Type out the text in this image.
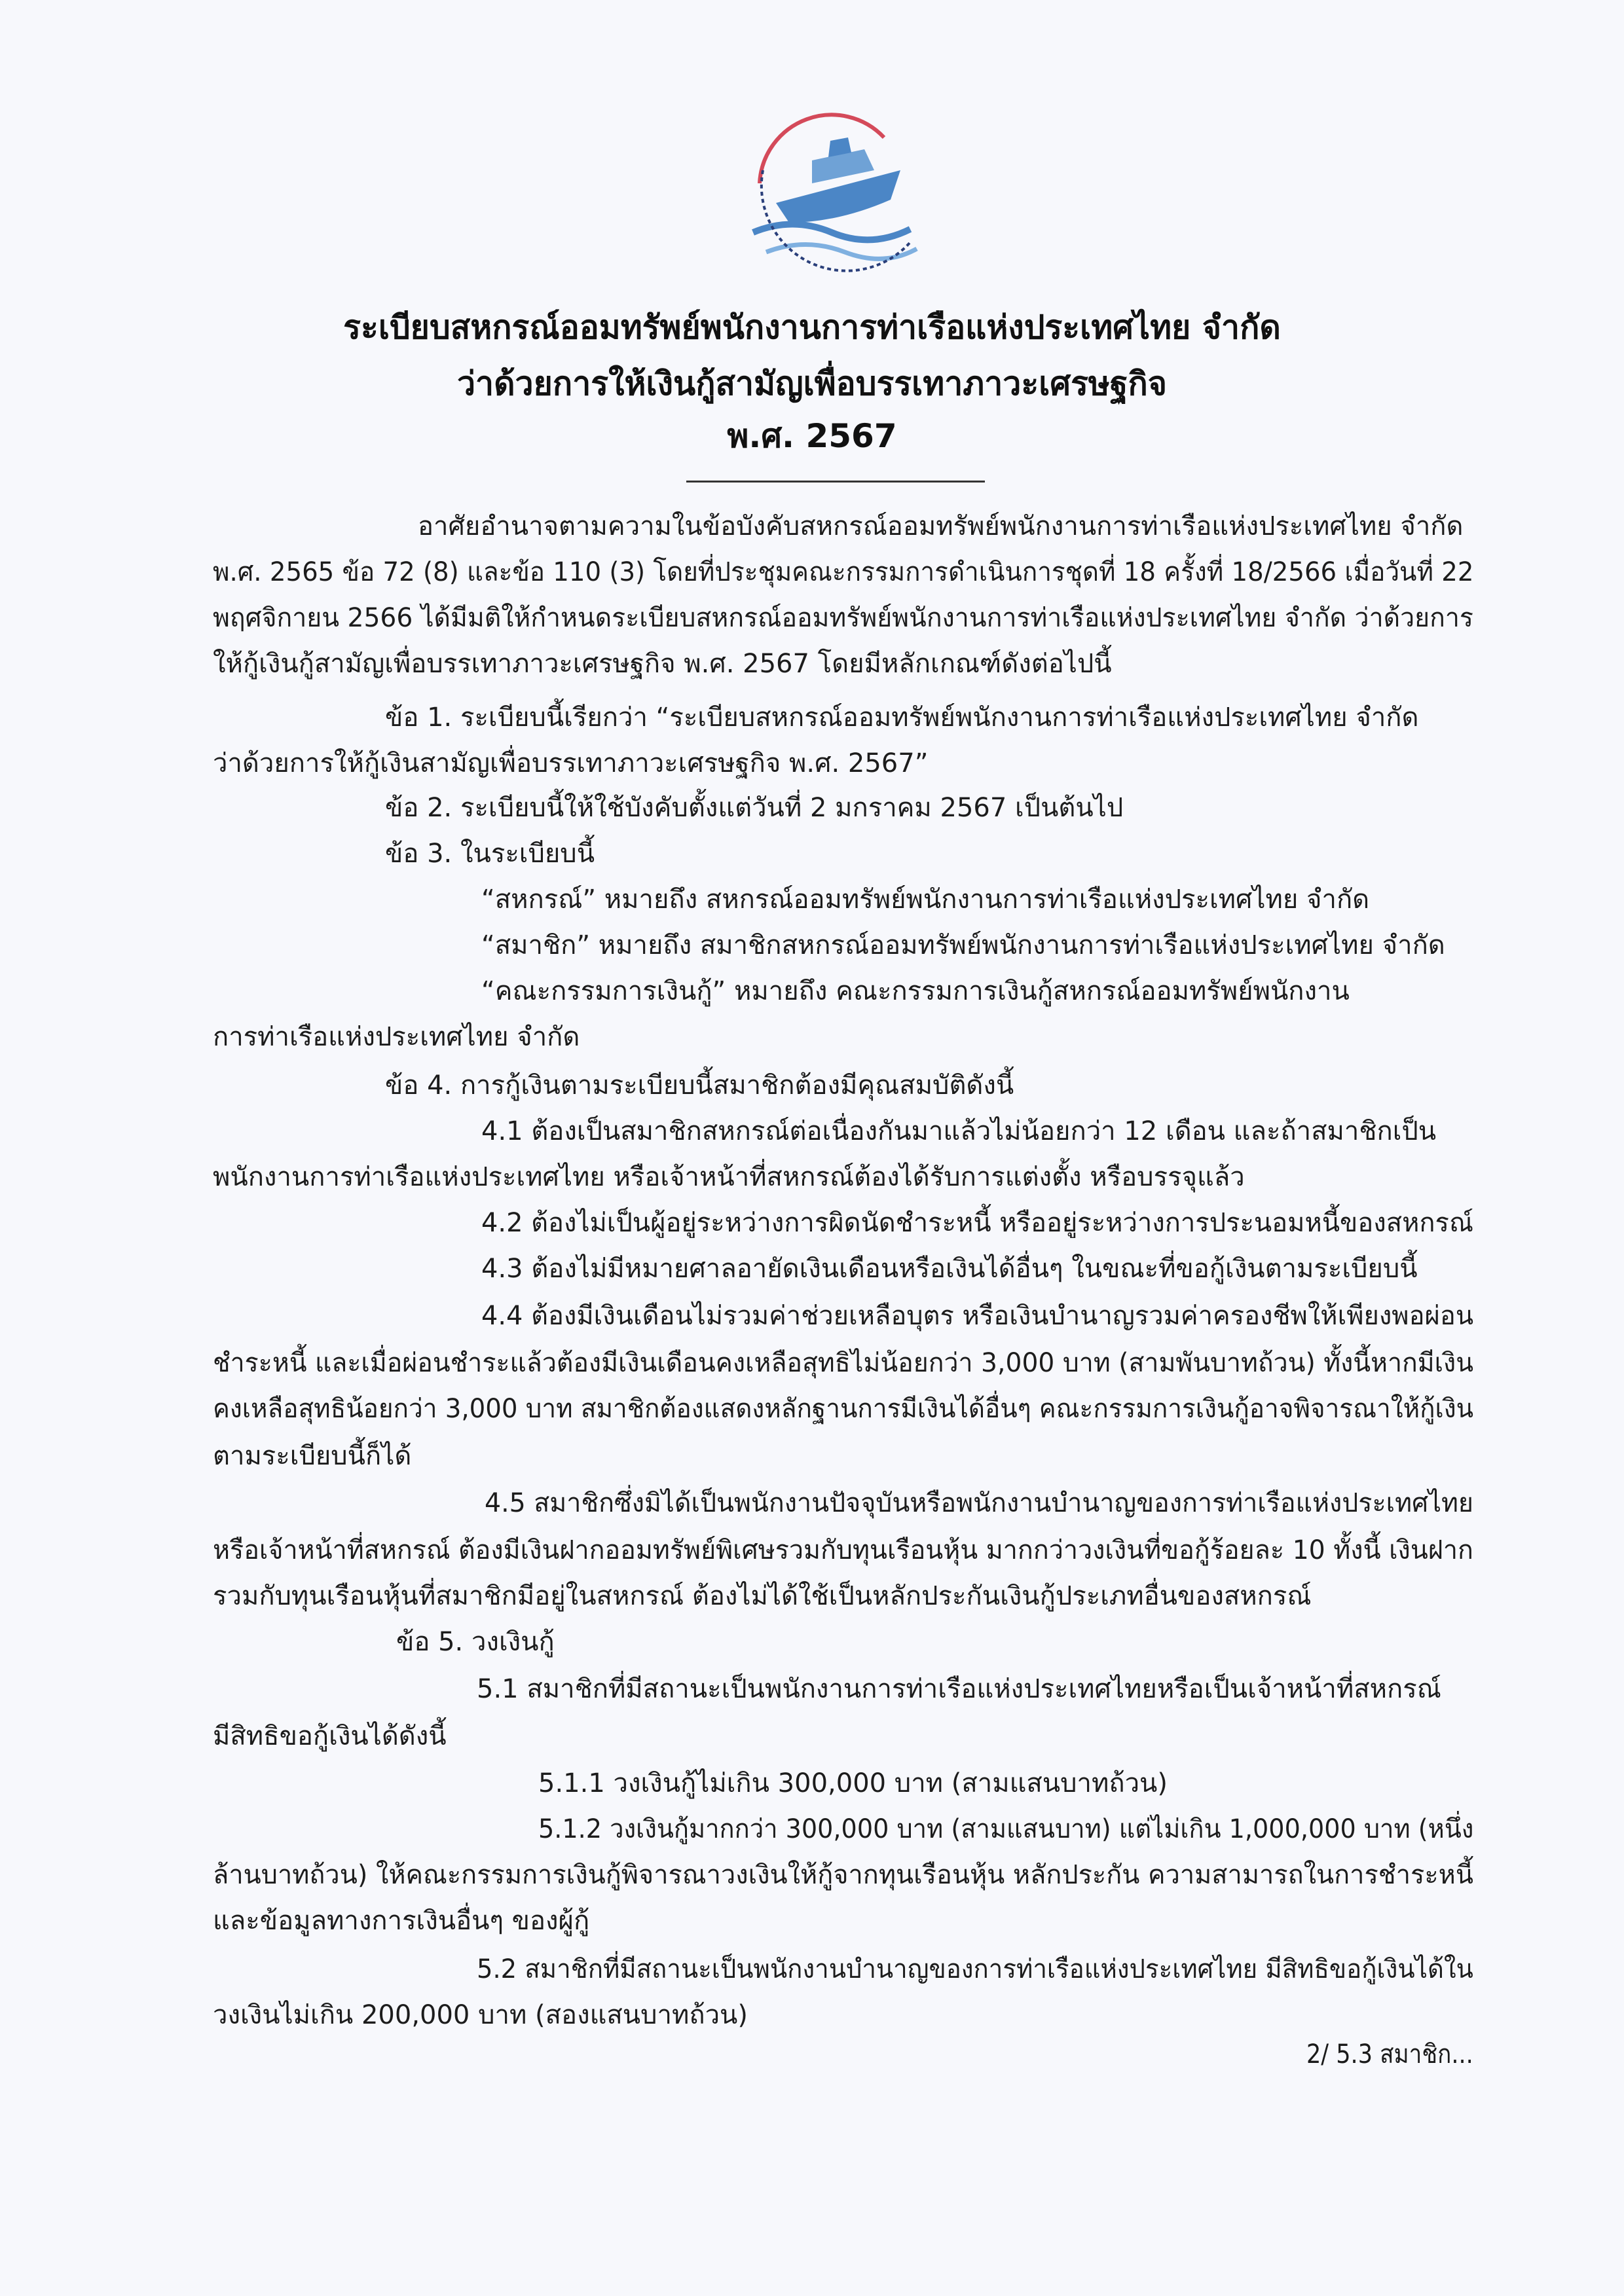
ระเบียบสหกรณ์ออมทรัพย์พนักงานการท่าเรือแห่งประเทศไทย จำกัด
ว่าด้วยการให้เงินกู้สามัญเพื่อบรรเทาภาวะเศรษฐกิจ
พ.ศ. 2567
อาศัยอำนาจตามความในข้อบังคับสหกรณ์ออมทรัพย์พนักงานการท่าเรือแห่งประเทศไทย จำกัด
พ.ศ. 2565 ข้อ 72 (8) และข้อ 110 (3) โดยที่ประชุมคณะกรรมการดำเนินการชุดที่ 18 ครั้งที่ 18/2566 เมื่อวันที่ 22
พฤศจิกายน 2566 ได้มีมติให้กำหนดระเบียบสหกรณ์ออมทรัพย์พนักงานการท่าเรือแห่งประเทศไทย จำกัด ว่าด้วยการ
ให้กู้เงินกู้สามัญเพื่อบรรเทาภาวะเศรษฐกิจ พ.ศ. 2567 โดยมีหลักเกณฑ์ดังต่อไปนี้
ข้อ 1. ระเบียบนี้เรียกว่า “ระเบียบสหกรณ์ออมทรัพย์พนักงานการท่าเรือแห่งประเทศไทย จำกัด
ว่าด้วยการให้กู้เงินสามัญเพื่อบรรเทาภาวะเศรษฐกิจ พ.ศ. 2567”
ข้อ 2. ระเบียบนี้ให้ใช้บังคับตั้งแต่วันที่ 2 มกราคม 2567 เป็นต้นไป
ข้อ 3. ในระเบียบนี้
“สหกรณ์” หมายถึง สหกรณ์ออมทรัพย์พนักงานการท่าเรือแห่งประเทศไทย จำกัด
“สมาชิก” หมายถึง สมาชิกสหกรณ์ออมทรัพย์พนักงานการท่าเรือแห่งประเทศไทย จำกัด
“คณะกรรมการเงินกู้” หมายถึง คณะกรรมการเงินกู้สหกรณ์ออมทรัพย์พนักงาน
การท่าเรือแห่งประเทศไทย จำกัด
ข้อ 4. การกู้เงินตามระเบียบนี้สมาชิกต้องมีคุณสมบัติดังนี้
4.1 ต้องเป็นสมาชิกสหกรณ์ต่อเนื่องกันมาแล้วไม่น้อยกว่า 12 เดือน และถ้าสมาชิกเป็น
พนักงานการท่าเรือแห่งประเทศไทย หรือเจ้าหน้าที่สหกรณ์ต้องได้รับการแต่งตั้ง หรือบรรจุแล้ว
4.2 ต้องไม่เป็นผู้อยู่ระหว่างการผิดนัดชำระหนี้ หรืออยู่ระหว่างการประนอมหนี้ของสหกรณ์
4.3 ต้องไม่มีหมายศาลอายัดเงินเดือนหรือเงินได้อื่นๆ ในขณะที่ขอกู้เงินตามระเบียบนี้
4.4 ต้องมีเงินเดือนไม่รวมค่าช่วยเหลือบุตร หรือเงินบำนาญรวมค่าครองชีพให้เพียงพอผ่อน
ชำระหนี้ และเมื่อผ่อนชำระแล้วต้องมีเงินเดือนคงเหลือสุทธิไม่น้อยกว่า 3,000 บาท (สามพันบาทถ้วน) ทั้งนี้หากมีเงิน
คงเหลือสุทธิน้อยกว่า 3,000 บาท สมาชิกต้องแสดงหลักฐานการมีเงินได้อื่นๆ คณะกรรมการเงินกู้อาจพิจารณาให้กู้เงิน
ตามระเบียบนี้ก็ได้
4.5 สมาชิกซึ่งมิได้เป็นพนักงานปัจจุบันหรือพนักงานบำนาญของการท่าเรือแห่งประเทศไทย
หรือเจ้าหน้าที่สหกรณ์ ต้องมีเงินฝากออมทรัพย์พิเศษรวมกับทุนเรือนหุ้น มากกว่าวงเงินที่ขอกู้ร้อยละ 10 ทั้งนี้ เงินฝาก
รวมกับทุนเรือนหุ้นที่สมาชิกมีอยู่ในสหกรณ์ ต้องไม่ได้ใช้เป็นหลักประกันเงินกู้ประเภทอื่นของสหกรณ์
ข้อ 5. วงเงินกู้
5.1 สมาชิกที่มีสถานะเป็นพนักงานการท่าเรือแห่งประเทศไทยหรือเป็นเจ้าหน้าที่สหกรณ์
มีสิทธิขอกู้เงินได้ดังนี้
5.1.1 วงเงินกู้ไม่เกิน 300,000 บาท (สามแสนบาทถ้วน)
5.1.2 วงเงินกู้มากกว่า 300,000 บาท (สามแสนบาท) แต่ไม่เกิน 1,000,000 บาท (หนึ่ง
ล้านบาทถ้วน) ให้คณะกรรมการเงินกู้พิจารณาวงเงินให้กู้จากทุนเรือนหุ้น หลักประกัน ความสามารถในการชำระหนี้
และข้อมูลทางการเงินอื่นๆ ของผู้กู้
5.2 สมาชิกที่มีสถานะเป็นพนักงานบำนาญของการท่าเรือแห่งประเทศไทย มีสิทธิขอกู้เงินได้ใน
วงเงินไม่เกิน 200,000 บาท (สองแสนบาทถ้วน)
2/ 5.3 สมาชิก...
